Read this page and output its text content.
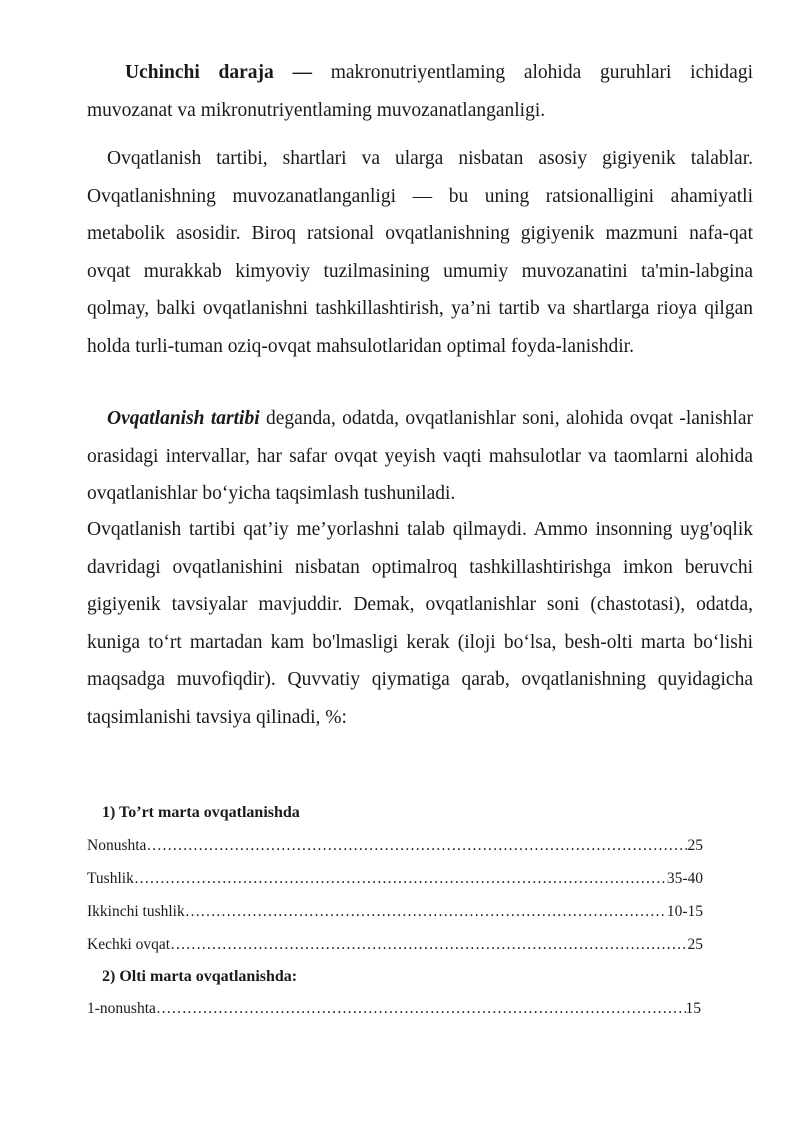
Uchinchi daraja — makronutriyentlaming alohida guruhlari ichidagi muvozanat va mikronutriyentlaming muvozanatlanganligi.

Ovqatlanish tartibi, shartlari va ularga nisbatan asosiy gigiyenik talablar. Ovqatlanishning muvozanatlanganligi — bu uning ratsionalligini ahamiyatli metabolik asosidir. Biroq ratsional ovqatlanishning gigiyenik mazmuni nafa-qat ovqat murakkab kimyoviy tuzilmasining umumiy muvozanatini ta'min-labgina qolmay, balki ovqatlanishni tashkillashtirish, ya’ni tartib va shartlarga rioya qilgan holda turli-tuman oziq-ovqat mahsulotlaridan optimal foyda-lanishdir.

Ovqatlanish tartibi deganda, odatda, ovqatlanishlar soni, alohida ovqat -lanishlar orasidagi intervallar, har safar ovqat yeyish vaqti mahsulotlar va taomlarni alohida ovqatlanishlar bo‘yicha taqsimlash tushuniladi.

Ovqatlanish tartibi qat’iy me’yorlashni talab qilmaydi. Ammo insonning uyg'oqlik davridagi ovqatlanishini nisbatan optimalroq tashkillashtirishga imkon beruvchi gigiyenik tavsiyalar mavjuddir. Demak, ovqatlanishlar soni (chastotasi), odatda, kuniga to‘rt martadan kam bo'lmasligi kerak (iloji bo‘lsa, besh-olti marta bo‘lishi maqsadga muvofiqdir). Quvvatiy qiymatiga qarab, ovqatlanishning quyidagicha taqsimlanishi tavsiya qilinadi, %:

1) To’rt marta ovqatlanishda

Nonushta …………………………………………………………………………………………………………………………………………………………………	25

Tushlik …………………………………………………………………………………………………………………………………………………………………	35-40

Ikkinchi tushlik …………………………………………………………………………………………………………………………………………………………………	10-15

Kechki ovqat …………………………………………………………………………………………………………………………………………………………………	25

2) Olti marta ovqatlanishda:

1-nonushta …………………………………………………………………………………………………………………………………………………………………	15
